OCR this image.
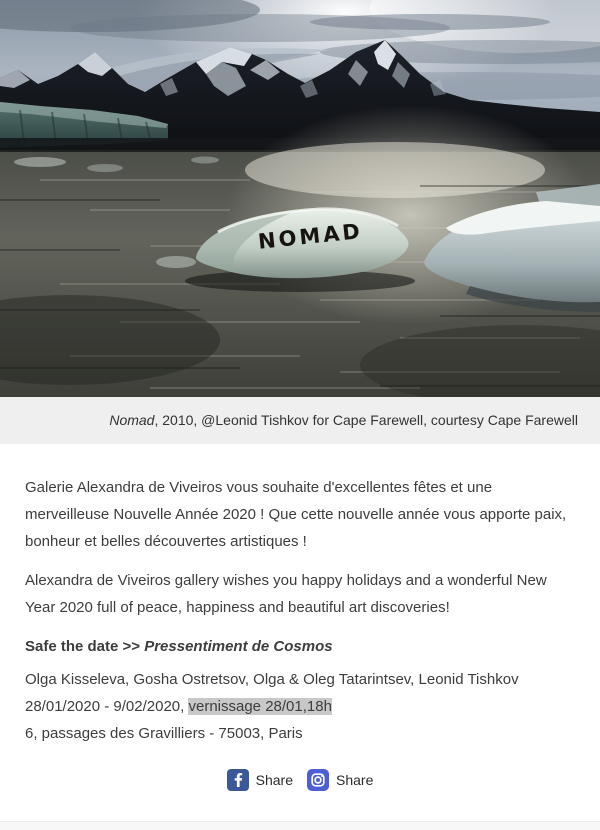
NOMAD
Nomad, 2010, @Leonid Tishkov for Cape Farewell, courtesy Cape Farewell

Galerie Alexandra de Viveiros vous souhaite d'excellentes fêtes et une merveilleuse Nouvelle Année 2020 ! Que cette nouvelle année vous apporte paix, bonheur et belles découvertes artistiques !

Alexandra de Viveiros gallery wishes you happy holidays and a wonderful New Year 2020 full of peace, happiness and beautiful art discoveries!

Safe the date >> Pressentiment de Cosmos

Olga Kisseleva, Gosha Ostretsov, Olga & Oleg Tatarintsev, Leonid Tishkov

28/01/2020 - 9/02/2020, vernissage 28/01,18h

6, passages des Gravilliers - 75003, Paris

Share	Share
